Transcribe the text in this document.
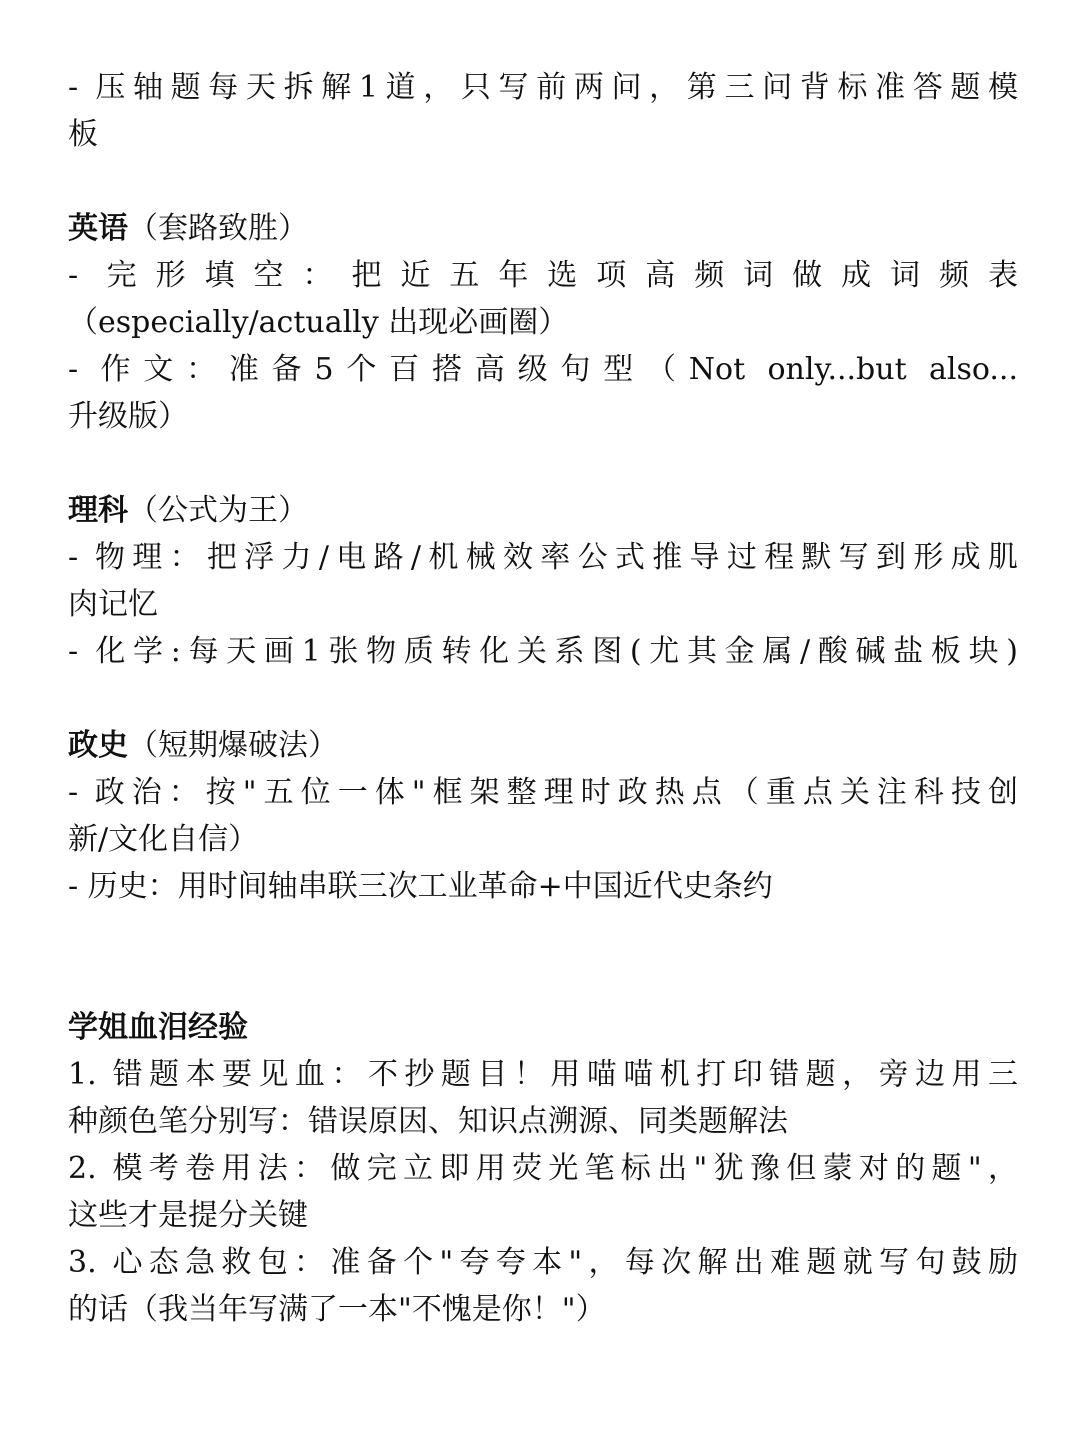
- 压轴题每天拆解1道，只写前两问，第三问背标准答题模
板
英语（套路致胜）
- 完形填空：把近五年选项高频词做成词频表
（especially/actually 出现必画圈）
- 作文：准备5个百搭高级句型（Not only...but also...
升级版）
理科（公式为王）
- 物理：把浮力/电路/机械效率公式推导过程默写到形成肌
肉记忆
- 化学:每天画1张物质转化关系图(尤其金属/酸碱盐板块)
政史（短期爆破法）
- 政治：按"五位一体"框架整理时政热点（重点关注科技创
新/文化自信）
- 历史：用时间轴串联三次工业革命+中国近代史条约
学姐血泪经验
1. 错题本要见血：不抄题目！用喵喵机打印错题，旁边用三
种颜色笔分别写：错误原因、知识点溯源、同类题解法
2. 模考卷用法：做完立即用荧光笔标出"犹豫但蒙对的题"，
这些才是提分关键
3. 心态急救包：准备个"夸夸本"，每次解出难题就写句鼓励
的话（我当年写满了一本"不愧是你！"）
